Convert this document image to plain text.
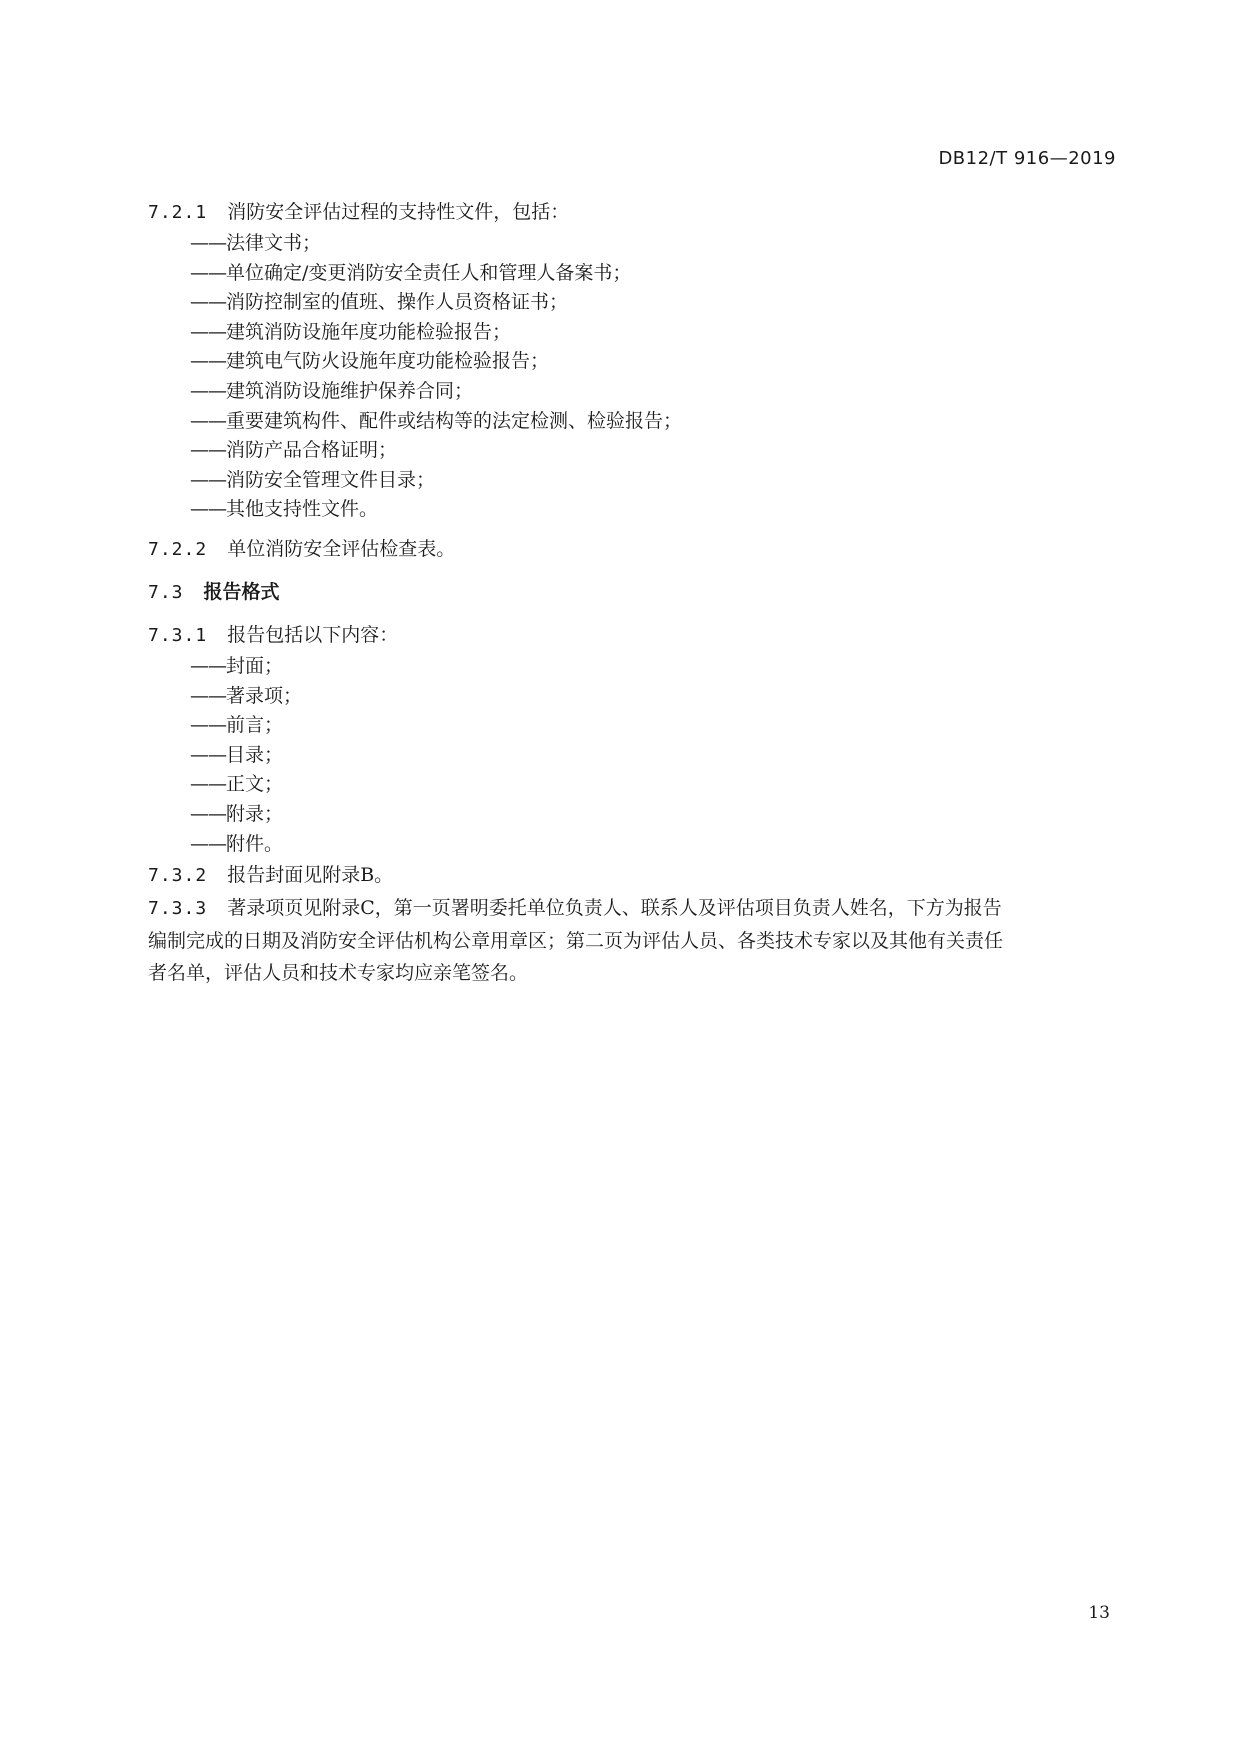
DB12/T 916—2019

7.2.1 消防安全评估过程的支持性文件，包括：

——法律文书；
——单位确定/变更消防安全责任人和管理人备案书；
——消防控制室的值班、操作人员资格证书；
——建筑消防设施年度功能检验报告；
——建筑电气防火设施年度功能检验报告；
——建筑消防设施维护保养合同；
——重要建筑构件、配件或结构等的法定检测、检验报告；
——消防产品合格证明；
——消防安全管理文件目录；
——其他支持性文件。

7.2.2 单位消防安全评估检查表。

7.3 报告格式

7.3.1 报告包括以下内容：

——封面；
——著录项；
——前言；
——目录；
——正文；
——附录；
——附件。

7.3.2 报告封面见附录B。

7.3.3 著录项页见附录C，第一页署明委托单位负责人、联系人及评估项目负责人姓名，下方为报告
编制完成的日期及消防安全评估机构公章用章区；第二页为评估人员、各类技术专家以及其他有关责任
者名单，评估人员和技术专家均应亲笔签名。
13
